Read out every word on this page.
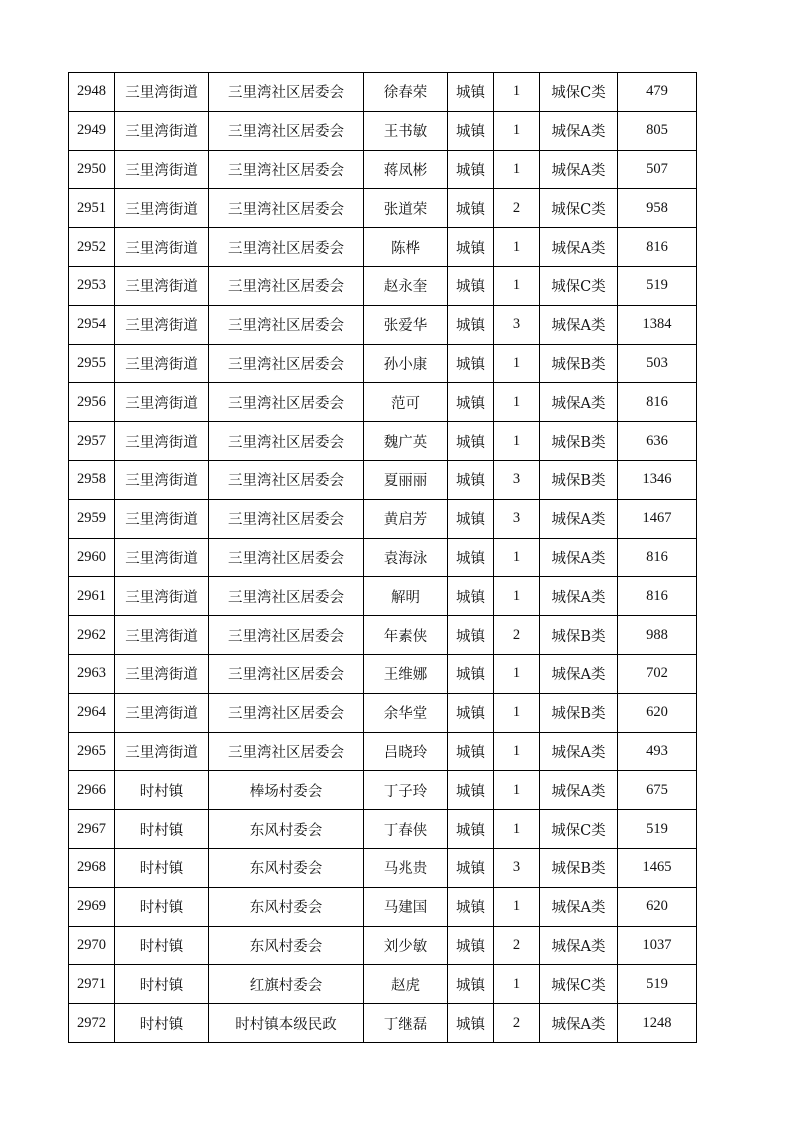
2948	三里湾街道	三里湾社区居委会	徐春荣	城镇	1	城保C类	479
2949	三里湾街道	三里湾社区居委会	王书敏	城镇	1	城保A类	805
2950	三里湾街道	三里湾社区居委会	蒋凤彬	城镇	1	城保A类	507
2951	三里湾街道	三里湾社区居委会	张道荣	城镇	2	城保C类	958
2952	三里湾街道	三里湾社区居委会	陈桦	城镇	1	城保A类	816
2953	三里湾街道	三里湾社区居委会	赵永奎	城镇	1	城保C类	519
2954	三里湾街道	三里湾社区居委会	张爱华	城镇	3	城保A类	1384
2955	三里湾街道	三里湾社区居委会	孙小康	城镇	1	城保B类	503
2956	三里湾街道	三里湾社区居委会	范可	城镇	1	城保A类	816
2957	三里湾街道	三里湾社区居委会	魏广英	城镇	1	城保B类	636
2958	三里湾街道	三里湾社区居委会	夏丽丽	城镇	3	城保B类	1346
2959	三里湾街道	三里湾社区居委会	黄启芳	城镇	3	城保A类	1467
2960	三里湾街道	三里湾社区居委会	袁海泳	城镇	1	城保A类	816
2961	三里湾街道	三里湾社区居委会	解明	城镇	1	城保A类	816
2962	三里湾街道	三里湾社区居委会	年素侠	城镇	2	城保B类	988
2963	三里湾街道	三里湾社区居委会	王维娜	城镇	1	城保A类	702
2964	三里湾街道	三里湾社区居委会	余华堂	城镇	1	城保B类	620
2965	三里湾街道	三里湾社区居委会	吕晓玲	城镇	1	城保A类	493
2966	时村镇	棒场村委会	丁子玲	城镇	1	城保A类	675
2967	时村镇	东风村委会	丁春侠	城镇	1	城保C类	519
2968	时村镇	东风村委会	马兆贵	城镇	3	城保B类	1465
2969	时村镇	东风村委会	马建国	城镇	1	城保A类	620
2970	时村镇	东风村委会	刘少敏	城镇	2	城保A类	1037
2971	时村镇	红旗村委会	赵虎	城镇	1	城保C类	519
2972	时村镇	时村镇本级民政	丁继磊	城镇	2	城保A类	1248
